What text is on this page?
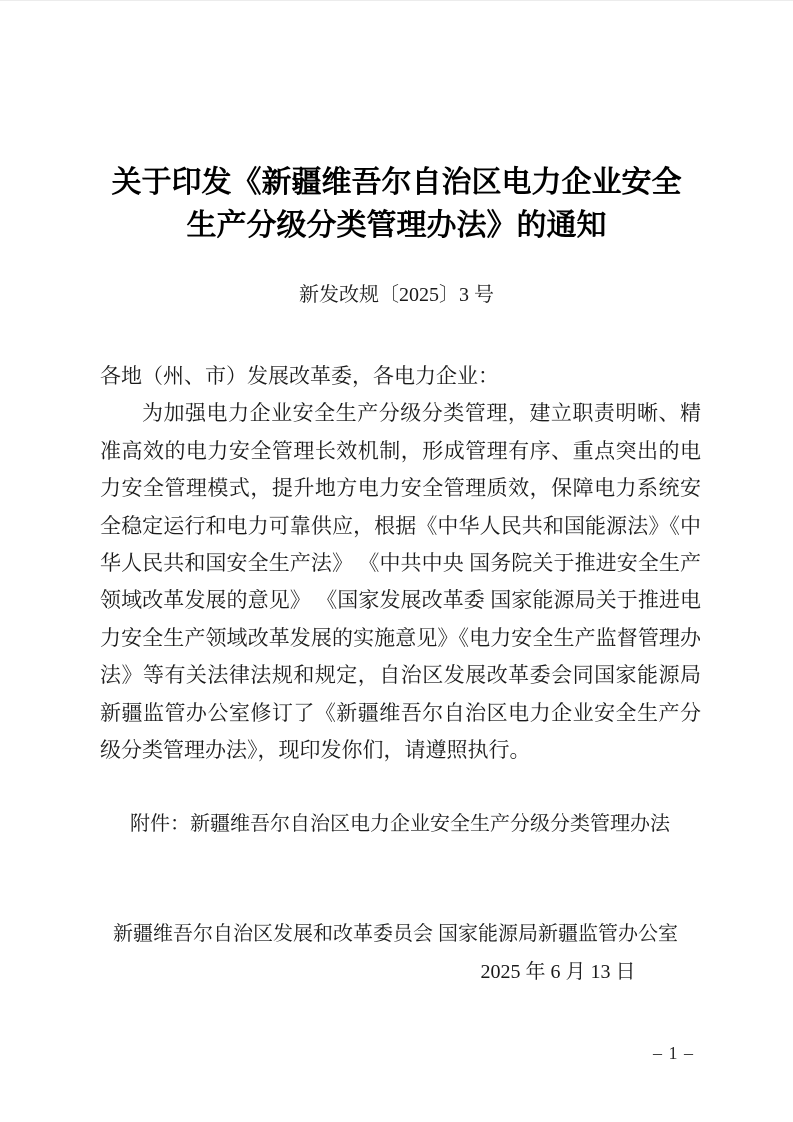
关于印发《新疆维吾尔自治区电力企业安全
生产分级分类管理办法》的通知
新发改规〔2025〕3 号

各地（州、市）发展改革委，各电力企业：

为加强电力企业安全生产分级分类管理，建立职责明晰、精准高效的电力安全管理长效机制，形成管理有序、重点突出的电力安全管理模式，提升地方电力安全管理质效，保障电力系统安全稳定运行和电力可靠供应，根据《中华人民共和国能源法》《中华人民共和国安全生产法》 《中共中央 国务院关于推进安全生产领域改革发展的意见》 《国家发展改革委 国家能源局关于推进电力安全生产领域改革发展的实施意见》《电力安全生产监督管理办法》等有关法律法规和规定，自治区发展改革委会同国家能源局新疆监管办公室修订了《新疆维吾尔自治区电力企业安全生产分级分类管理办法》，现印发你们，请遵照执行。

附件：新疆维吾尔自治区电力企业安全生产分级分类管理办法
新疆维吾尔自治区发展和改革委员会 国家能源局新疆监管办公室
2025 年 6 月 13 日
– 1 –
